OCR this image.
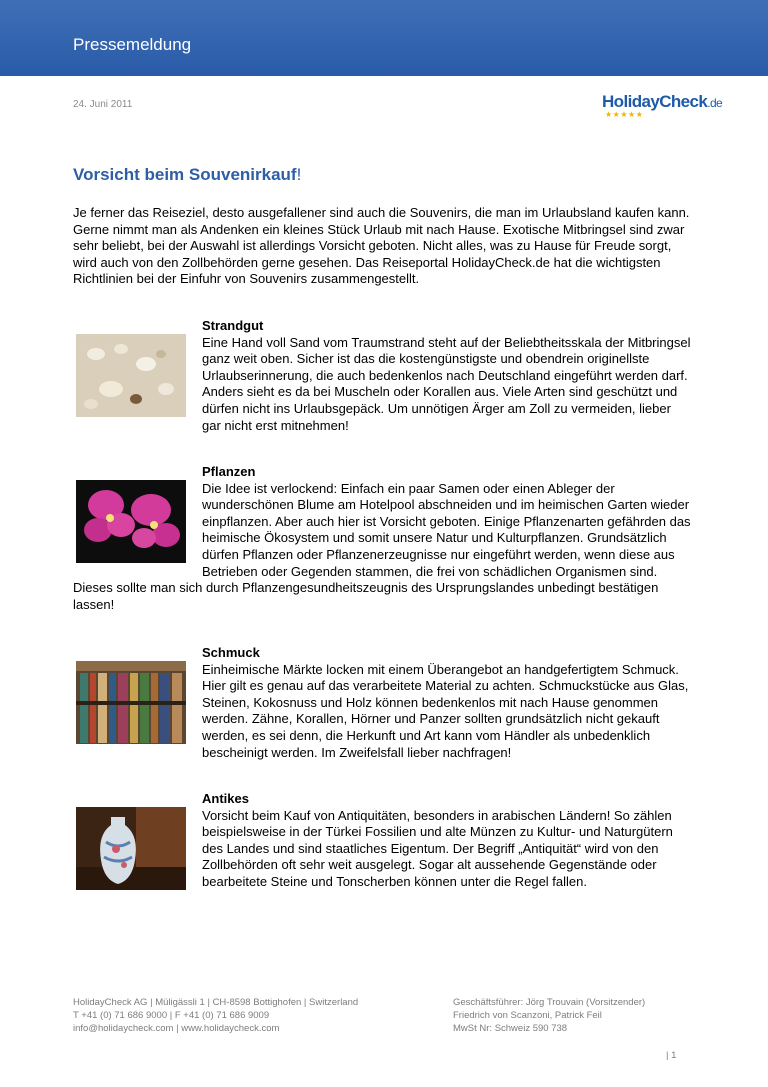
Pressemeldung
24. Juni 2011	HolidayCheck.de
★★★★★
Vorsicht beim Souvenirkauf!
Je ferner das Reiseziel, desto ausgefallener sind auch die Souvenirs, die man im Urlaubsland kaufen kann. Gerne nimmt man als Andenken ein kleines Stück Urlaub mit nach Hause. Exotische Mitbringsel sind zwar sehr beliebt, bei der Auswahl ist allerdings Vorsicht geboten. Nicht alles, was zu Hause für Freude sorgt, wird auch von den Zollbehörden gerne gesehen. Das Reiseportal HolidayCheck.de hat die wichtigsten Richtlinien bei der Einfuhr von Souvenirs zusammengestellt.
Strandgut
Eine Hand voll Sand vom Traumstrand steht auf der Beliebtheitsskala der Mitbringsel ganz weit oben. Sicher ist das die kostengünstigste und obendrein originellste Urlaubserinnerung, die auch bedenkenlos nach Deutschland eingeführt werden darf. Anders sieht es da bei Muscheln oder Korallen aus. Viele Arten sind geschützt und dürfen nicht ins Urlaubsgepäck. Um unnötigen Ärger am Zoll zu vermeiden, lieber gar nicht erst mitnehmen!
Pflanzen
Die Idee ist verlockend: Einfach ein paar Samen oder einen Ableger der wunderschönen Blume am Hotelpool abschneiden und im heimischen Garten wieder einpflanzen. Aber auch hier ist Vorsicht geboten. Einige Pflanzenarten gefährden das heimische Ökosystem und somit unsere Natur und Kulturpflanzen. Grundsätzlich dürfen Pflanzen oder Pflanzenerzeugnisse nur eingeführt werden, wenn diese aus Betrieben oder Gegenden stammen, die frei von schädlichen Organismen sind. Dieses sollte man sich durch Pflanzengesundheitszeugnis des Ursprungslandes unbedingt bestätigen lassen!
Schmuck
Einheimische Märkte locken mit einem Überangebot an handgefertigtem Schmuck. Hier gilt es genau auf das verarbeitete Material zu achten. Schmuckstücke aus Glas, Steinen, Kokosnuss und Holz können bedenkenlos mit nach Hause genommen werden. Zähne, Korallen, Hörner und Panzer sollten grundsätzlich nicht gekauft werden, es sei denn, die Herkunft und Art kann vom Händler als unbedenklich bescheinigt werden. Im Zweifelsfall lieber nachfragen!
Antikes
Vorsicht beim Kauf von Antiquitäten, besonders in arabischen Ländern! So zählen beispielsweise in der Türkei Fossilien und alte Münzen zu Kultur- und Naturgütern des Landes und sind staatliches Eigentum. Der Begriff „Antiquität“ wird von den Zollbehörden oft sehr weit ausgelegt. Sogar alt aussehende Gegenstände oder bearbeitete Steine und Tonscherben können unter die Regel fallen.
HolidayCheck AG | Müligässli 1 | CH-8598 Bottighofen | Switzerland
T +41 (0) 71 686 9000 | F +41 (0) 71 686 9009
info@holidaycheck.com | www.holidaycheck.com
Geschäftsführer: Jörg Trouvain (Vorsitzender)
Friedrich von Scanzoni, Patrick Feil
MwSt Nr: Schweiz 590 738
| 1
